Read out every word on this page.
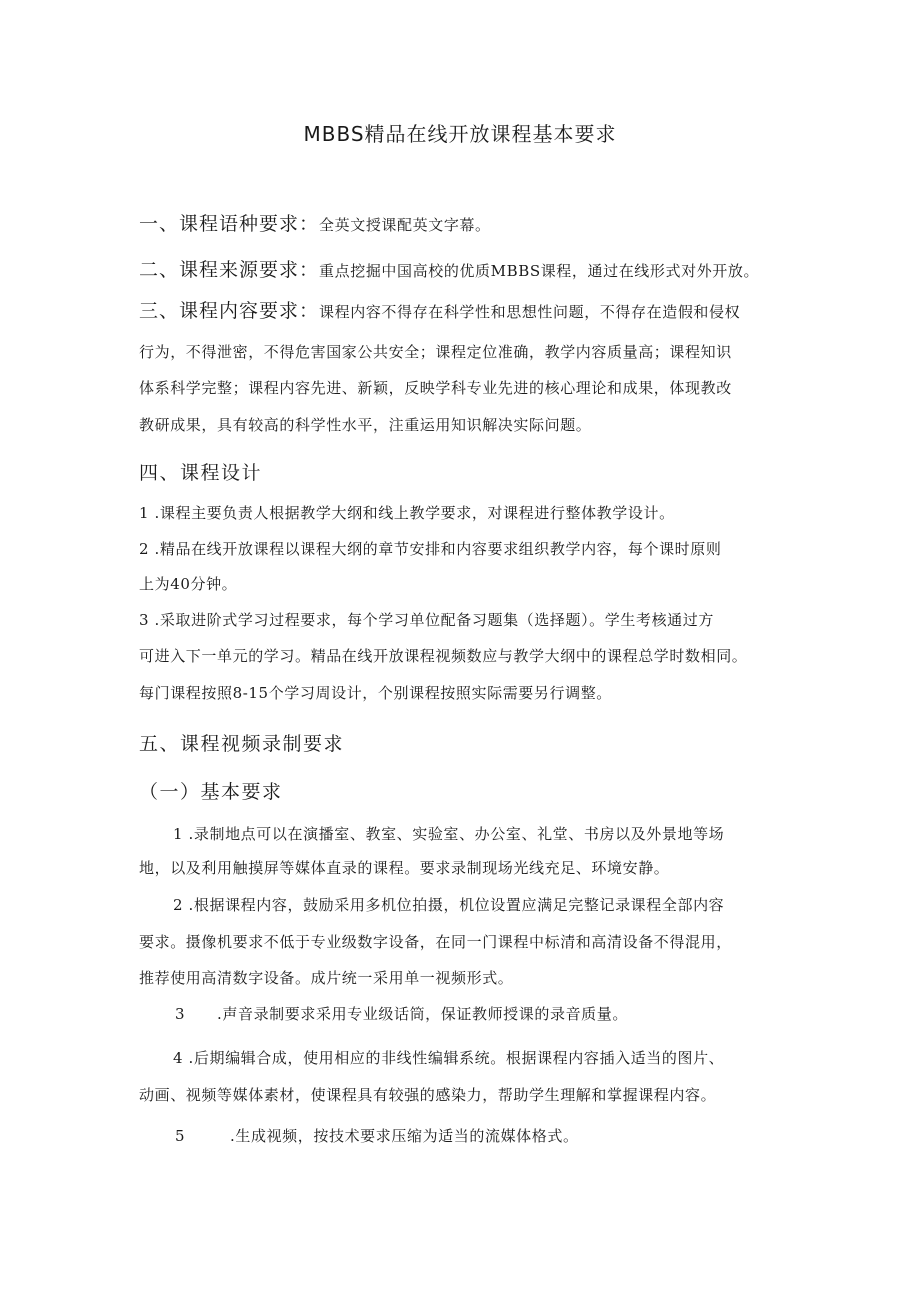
MBBS精品在线开放课程基本要求
一、课程语种要求：全英文授课配英文字幕。
二、课程来源要求：重点挖掘中国高校的优质MBBS课程，通过在线形式对外开放。
三、课程内容要求：课程内容不得存在科学性和思想性问题，不得存在造假和侵权
行为，不得泄密，不得危害国家公共安全；课程定位准确，教学内容质量高；课程知识
体系科学完整；课程内容先进、新颖，反映学科专业先进的核心理论和成果，体现教改
教研成果，具有较高的科学性水平，注重运用知识解决实际问题。
四、课程设计
1 .课程主要负责人根据教学大纲和线上教学要求，对课程进行整体教学设计。
2 .精品在线开放课程以课程大纲的章节安排和内容要求组织教学内容，每个课时原则
上为40分钟。
3 .采取进阶式学习过程要求，每个学习单位配备习题集（选择题）。学生考核通过方
可进入下一单元的学习。精品在线开放课程视频数应与教学大纲中的课程总学时数相同。
每门课程按照8-15个学习周设计，个别课程按照实际需要另行调整。
五、课程视频录制要求
（一）基本要求
1 .录制地点可以在演播室、教室、实验室、办公室、礼堂、书房以及外景地等场
地，以及利用触摸屏等媒体直录的课程。要求录制现场光线充足、环境安静。
2 .根据课程内容，鼓励采用多机位拍摄，机位设置应满足完整记录课程全部内容
要求。摄像机要求不低于专业级数字设备，在同一门课程中标清和高清设备不得混用，
推荐使用高清数字设备。成片统一采用单一视频形式。
3 .声音录制要求采用专业级话筒，保证教师授课的录音质量。
4 .后期编辑合成，使用相应的非线性编辑系统。根据课程内容插入适当的图片、
动画、视频等媒体素材，使课程具有较强的感染力，帮助学生理解和掌握课程内容。
5	.生成视频，按技术要求压缩为适当的流媒体格式。
